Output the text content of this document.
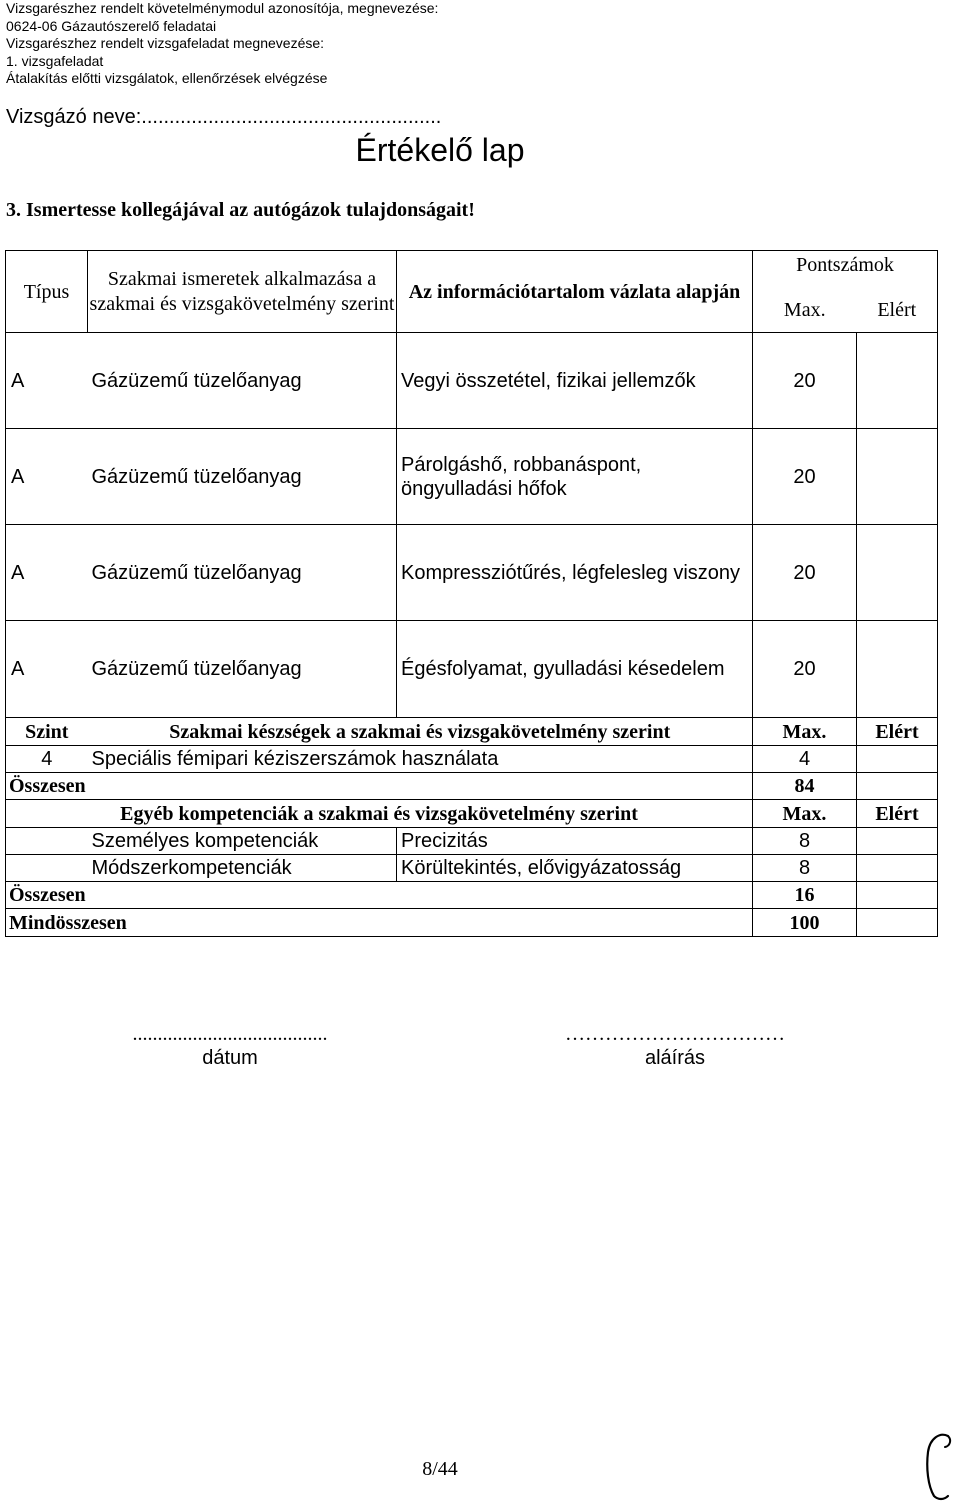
Vizsgarészhez rendelt követelménymodul azonosítója, megnevezése:
0624-06 Gázautószerelő feladatai
Vizsgarészhez rendelt vizsgafeladat megnevezése:
1. vizsgafeladat
Átalakítás előtti vizsgálatok, ellenőrzések elvégzése
Vizsgázó neve:......................................................
Értékelő lap
3. Ismertesse kollegájával az autógázok tulajdonságait!
Típus	Szakmai ismeretek alkalmazása a szakmai és vizsgakövetelmény szerint	Az információtartalom vázlata alapján	Pontszámok	
			Max.	Elért
A	Gázüzemű tüzelőanyag	Vegyi összetétel, fizikai jellemzők	20	
A	Gázüzemű tüzelőanyag	Párolgáshő, robbanáspont, öngyulladási hőfok	20	
A	Gázüzemű tüzelőanyag	Kompressziótűrés, légfelesleg viszony	20	
A	Gázüzemű tüzelőanyag	Égésfolyamat, gyulladási késedelem	20	
Szint	Szakmai készségek a szakmai és vizsgakövetelmény szerint		Max.	Elért
4	Speciális fémipari kéziszerszámok használata		4	
Összesen			84	
Egyéb kompetenciák a szakmai és vizsgakövetelmény szerint			Max.	Elért
	Személyes kompetenciák	Precizitás	8	
	Módszerkompetenciák	Körültekintés, elővigyázatosság	8	
Összesen			16	
Mindösszesen			100	
.......................................
dátum
……………………………
aláírás
8/44
